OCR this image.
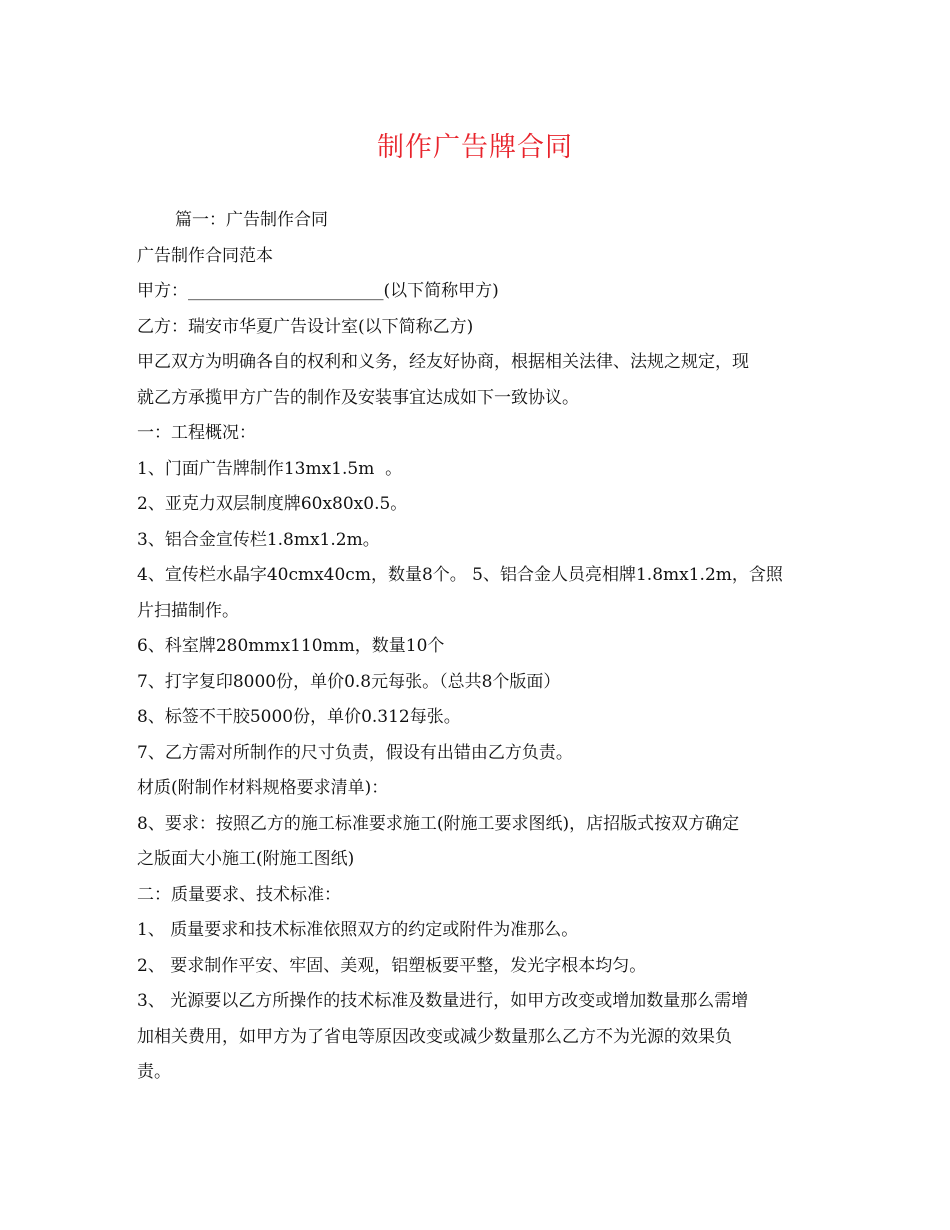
制作广告牌合同
篇一：广告制作合同
广告制作合同范本
甲方：_______________________(以下简称甲方)
乙方：瑞安市华夏广告设计室(以下简称乙方)
甲乙双方为明确各自的权利和义务，经友好协商，根据相关法律、法规之规定，现
就乙方承揽甲方广告的制作及安装事宜达成如下一致协议。
一：工程概况：
1、门面广告牌制作13mx1.5m  。
2、亚克力双层制度牌60x80x0.5。
3、铝合金宣传栏1.8mx1.2m。
4、宣传栏水晶字40cmx40cm，数量8个。 5、铝合金人员亮相牌1.8mx1.2m，含照
片扫描制作。
6、科室牌280mmx110mm，数量10个
7、打字复印8000份，单价0.8元每张。（总共8个版面）
8、标签不干胶5000份，单价0.312每张。
7、乙方需对所制作的尺寸负责，假设有出错由乙方负责。
材质(附制作材料规格要求清单)：
8、要求：按照乙方的施工标准要求施工(附施工要求图纸)，店招版式按双方确定
之版面大小施工(附施工图纸)
二：质量要求、技术标准：
1、 质量要求和技术标准依照双方的约定或附件为准那么。
2、 要求制作平安、牢固、美观，铝塑板要平整，发光字根本均匀。
3、 光源要以乙方所操作的技术标准及数量进行，如甲方改变或增加数量那么需增
加相关费用，如甲方为了省电等原因改变或减少数量那么乙方不为光源的效果负
责。
